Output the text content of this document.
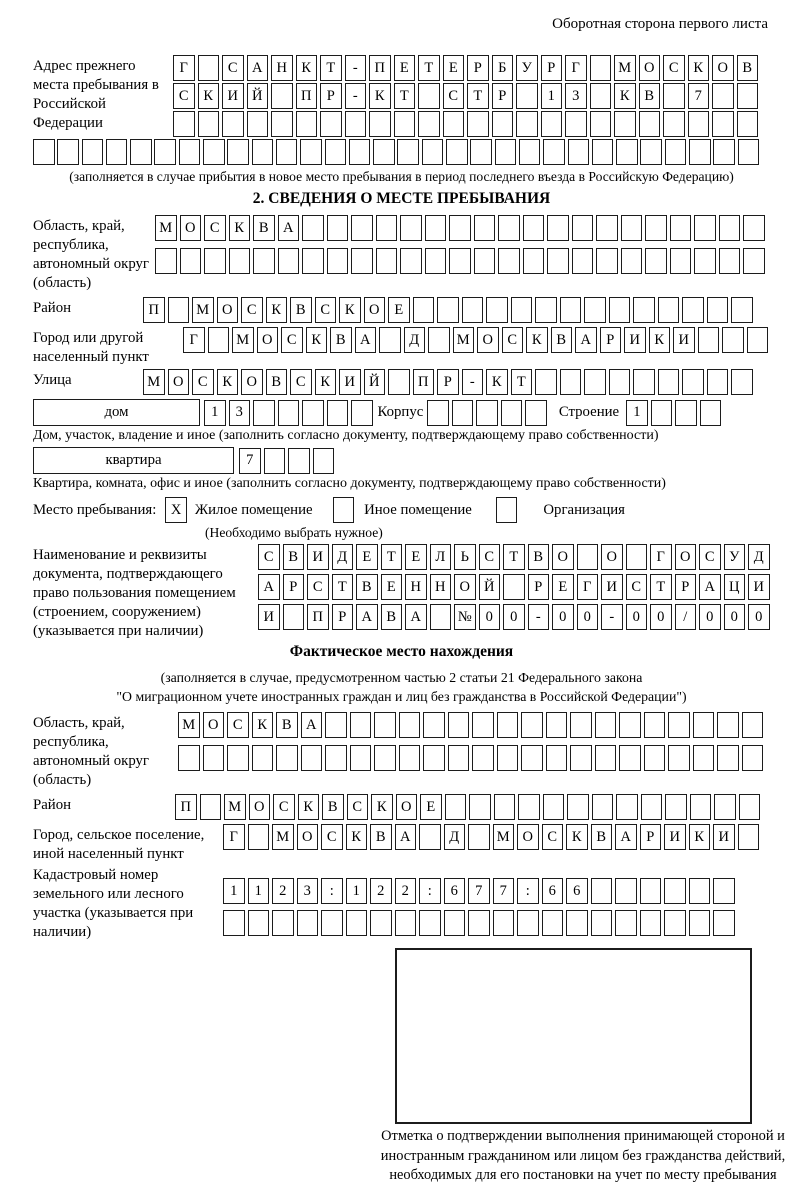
Оборотная сторона первого листа
Адрес прежнего места пребывания в Российской Федерации
Г	С А Н К	Т	-	П	Е	Т	Е	Р	Б	У	Р	Г	М О С	К О В
С	К И Й	П	Р	-	К	Т	С	Т	Р	1	3	К	В	7
(заполняется в случае прибытия в новое место пребывания в период последнего въезда в Российскую Федерацию)
2. СВЕДЕНИЯ О МЕСТЕ ПРЕБЫВАНИЯ
Область, край, республика, автономный округ (область)
М О С	К	В А
Район	П	М О С	К	В	С	К О	Е
Город или другой населенный пункт
Г	М О С	К	В А	Д	М О С	К	В А	Р	И К И
Улица	М О С	К О В	С	К И Й	П	Р	-	К	Т
дом	1	3	Корпус	Строение 1
Дом, участок, владение и иное (заполнить согласно документу, подтверждающему право собственности)
квартира	7
Квартира, комната, офис и иное (заполнить согласно документу, подтверждающему право собственности)
Место пребывания:	X Жилое помещение	Иное помещение	Организация
(Необходимо выбрать нужное)
Наименование и реквизиты документа, подтверждающего право пользования помещением (строением, сооружением) (указывается при наличии)
С	В И Д	Е	Т	Е	Л	Ь	С	Т	В О	О	Г	О С	У Д
А	Р	С	Т	В	Е	Н Н О Й	Р	Е	Г	И С	Т	Р	А Ц И
И	П	Р	А В А	№ 0	0	-	0	0	-	0	0	/	0	0	0
Фактическое место нахождения
(заполняется в случае, предусмотренном частью 2 статьи 21 Федерального закона
"О миграционном учете иностранных граждан и лиц без гражданства в Российской Федерации")
Область, край, республика, автономный округ (область)
М О С	К	В А
Район	П	М О С	К	В	С	К О	Е
Город, сельское поселение, иной населенный пункт
Г	М О С	К	В А	Д	М О С	К	В А	Р	И К И
Кадастровый номер земельного или лесного участка (указывается при наличии)
1	1	2	3	:	1	2	2	:	6	7	7	:	6	6
Отметка о подтверждении выполнения принимающей стороной и иностранным гражданином или лицом без гражданства действий, необходимых для его постановки на учет по месту пребывания
